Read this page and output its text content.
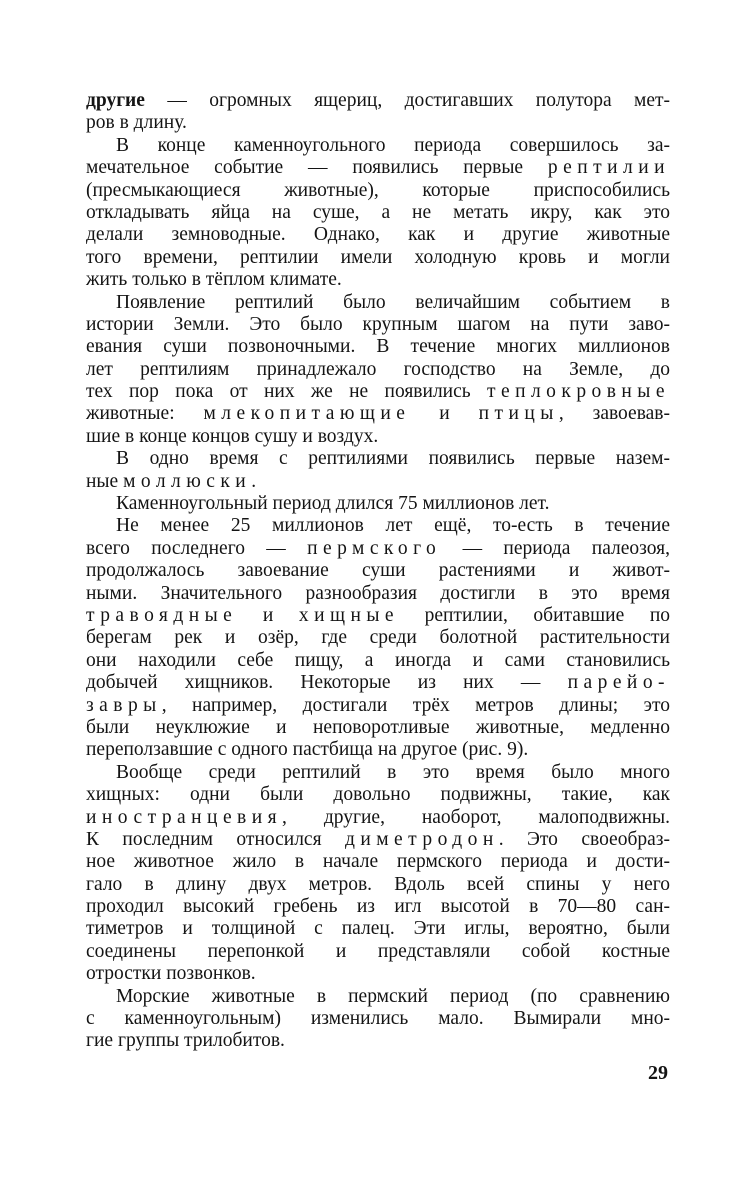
другие — огромных ящериц, достигавших полутора мет-
ров в длину.
В конце каменноугольного периода совершилось за-
мечательное событие — появились первые рептилии
(пресмыкающиеся животные), которые приспособились
откладывать яйца на суше, а не метать икру, как это
делали земноводные. Однако, как и другие животные
того времени, рептилии имели холодную кровь и могли
жить только в тёплом климате.
Появление рептилий было величайшим событием в
истории Земли. Это было крупным шагом на пути заво-
евания суши позвоночными. В течение многих миллионов
лет рептилиям принадлежало господство на Земле, до
тех пор пока от них же не появились теплокровные
животные: млекопитающие и птицы, завоевав-
шие в конце концов сушу и воздух.
В одно время с рептилиями появились первые назем-
ные моллюски.
Каменноугольный период длился 75 миллионов лет.
Не менее 25 миллионов лет ещё, то-есть в течение
всего последнего — пермского — периода палеозоя,
продолжалось завоевание суши растениями и живот-
ными. Значительного разнообразия достигли в это время
травоядные и хищные рептилии, обитавшие по
берегам рек и озёр, где среди болотной растительности
они находили себе пищу, а иногда и сами становились
добычей хищников. Некоторые из них — парейо-
завры, например, достигали трёх метров длины; это
были неуклюжие и неповоротливые животные, медленно
переползавшие с одного пастбища на другое (рис. 9).
Вообще среди рептилий в это время было много
хищных: одни были довольно подвижны, такие, как
иностранцевия, другие, наоборот, малоподвижны.
К последним относился диметродон. Это своеобраз-
ное животное жило в начале пермского периода и дости-
гало в длину двух метров. Вдоль всей спины у него
проходил высокий гребень из игл высотой в 70—80 сан-
тиметров и толщиной с палец. Эти иглы, вероятно, были
соединены перепонкой и представляли собой костные
отростки позвонков.
Морские животные в пермский период (по сравнению
с каменноугольным) изменились мало. Вымирали мно-
гие группы трилобитов.
29
